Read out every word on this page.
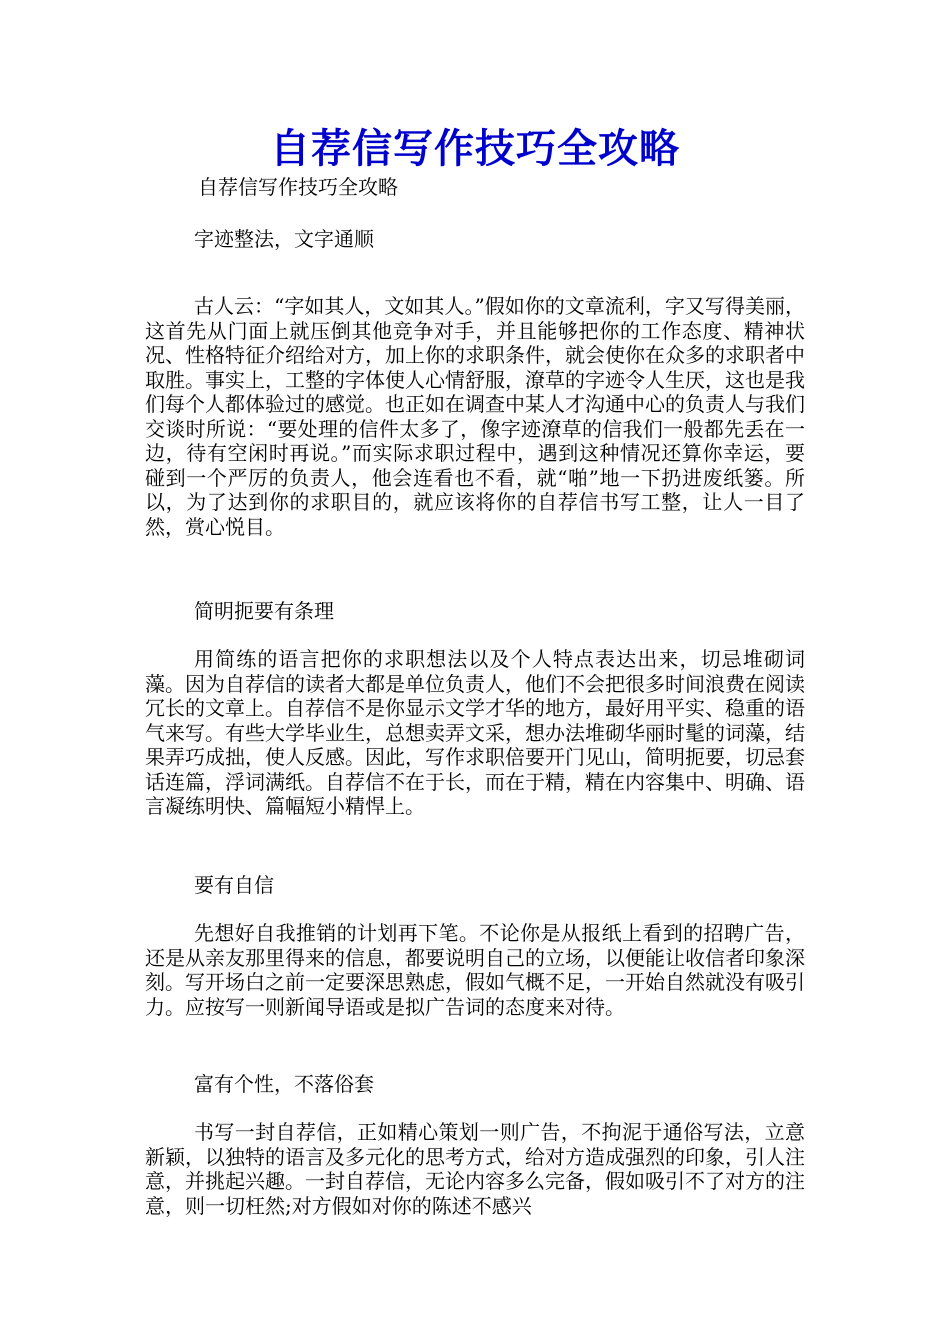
自荐信写作技巧全攻略

自荐信写作技巧全攻略

字迹整法，文字通顺

古人云：“字如其人，文如其人。”假如你的文章流利，字又写得美丽，这首先从门面上就压倒其他竞争对手，并且能够把你的工作态度、精神状况、性格特征介绍给对方，加上你的求职条件，就会使你在众多的求职者中取胜。事实上，工整的字体使人心情舒服，潦草的字迹令人生厌，这也是我们每个人都体验过的感觉。也正如在调查中某人才沟通中心的负责人与我们交谈时所说：“要处理的信件太多了，像字迹潦草的信我们一般都先丢在一边，待有空闲时再说。”而实际求职过程中，遇到这种情况还算你幸运，要碰到一个严厉的负责人，他会连看也不看，就“啪”地一下扔进废纸篓。所以，为了达到你的求职目的，就应该将你的自荐信书写工整，让人一目了然，赏心悦目。

简明扼要有条理

用简练的语言把你的求职想法以及个人特点表达出来，切忌堆砌词藻。因为自荐信的读者大都是单位负责人，他们不会把很多时间浪费在阅读冗长的文章上。自荐信不是你显示文学才华的地方，最好用平实、稳重的语气来写。有些大学毕业生，总想卖弄文采，想办法堆砌华丽时髦的词藻，结果弄巧成拙，使人反感。因此，写作求职倍要开门见山，简明扼要，切忌套话连篇，浮词满纸。自荐信不在于长，而在于精，精在内容集中、明确、语言凝练明快、篇幅短小精悍上。

要有自信

先想好自我推销的计划再下笔。不论你是从报纸上看到的招聘广告，还是从亲友那里得来的信息，都要说明自己的立场，以便能让收信者印象深刻。写开场白之前一定要深思熟虑，假如气概不足，一开始自然就没有吸引力。应按写一则新闻导语或是拟广告词的态度来对待。

富有个性，不落俗套

书写一封自荐信，正如精心策划一则广告，不拘泥于通俗写法，立意新颖，以独特的语言及多元化的思考方式，给对方造成强烈的印象，引人注意，并挑起兴趣。一封自荐信，无论内容多么完备，假如吸引不了对方的注意，则一切枉然;对方假如对你的陈述不感兴
